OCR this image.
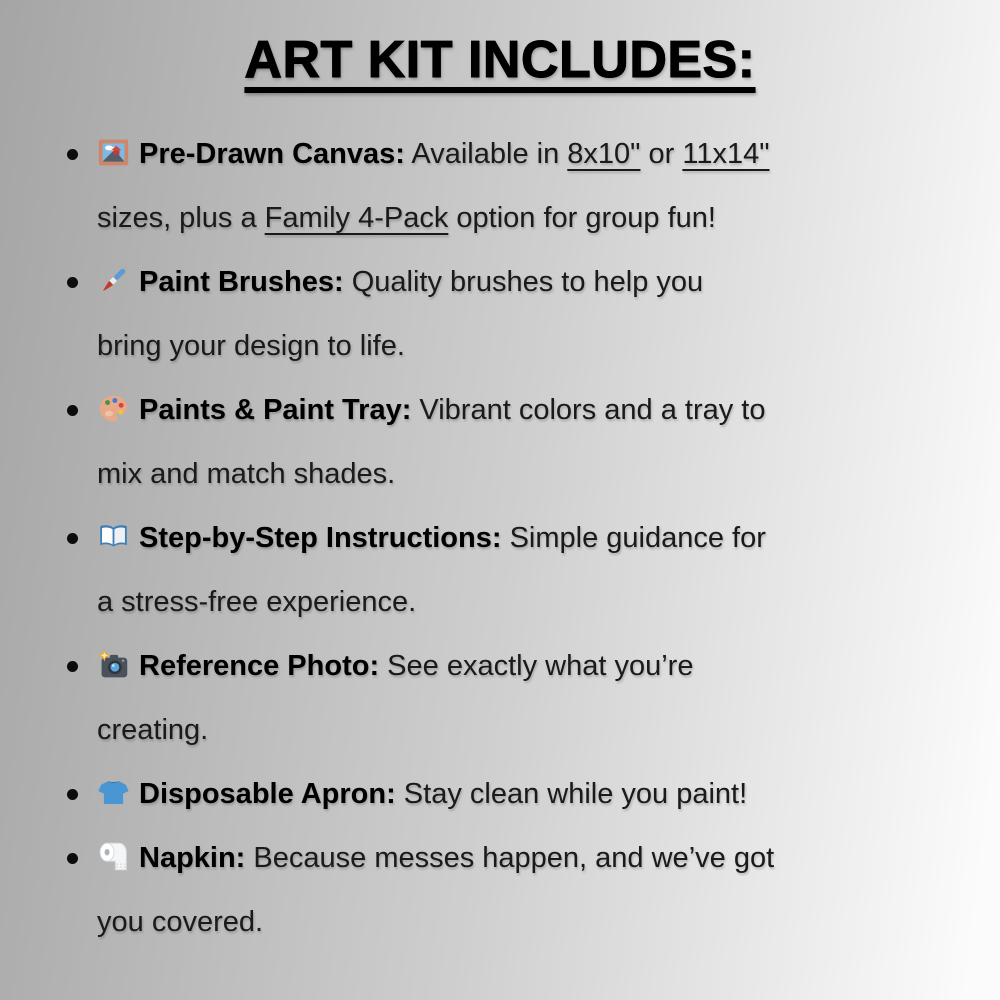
ART KIT INCLUDES:
Pre-Drawn Canvas: Available in 8x10" or 11x14"
sizes, plus a Family 4-Pack option for group fun!
Paint Brushes: Quality brushes to help you
bring your design to life.
Paints & Paint Tray: Vibrant colors and a tray to
mix and match shades.
Step-by-Step Instructions: Simple guidance for
a stress-free experience.
Reference Photo: See exactly what you’re
creating.
Disposable Apron: Stay clean while you paint!
Napkin: Because messes happen, and we’ve got
you covered.
